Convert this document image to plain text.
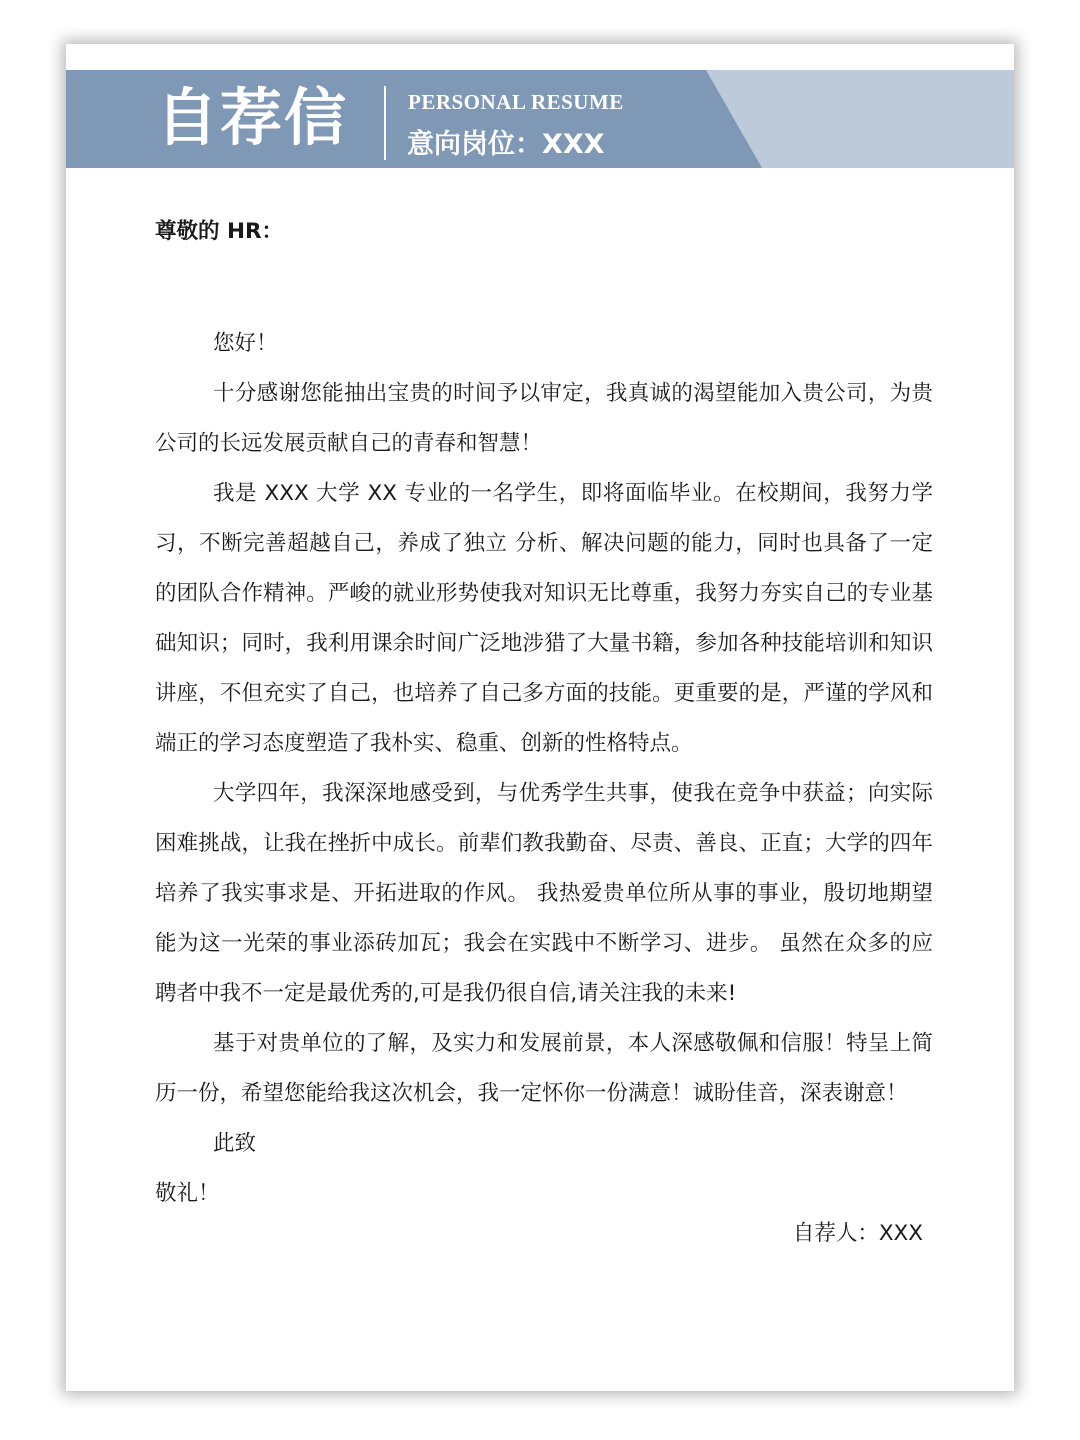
自荐信	PERSONAL RESUME
意向岗位：XXX
尊敬的 HR：

您好！

十分感谢您能抽出宝贵的时间予以审定，我真诚的渴望能加入贵公司，为贵公司的长远发展贡献自己的青春和智慧！

我是 XXX 大学 XX 专业的一名学生，即将面临毕业。在校期间，我努力学习，不断完善超越自己，养成了独立 分析、解决问题的能力，同时也具备了一定的团队合作精神。严峻的就业形势使我对知识无比尊重，我努力夯实自己的专业基础知识；同时，我利用课余时间广泛地涉猎了大量书籍，参加各种技能培训和知识讲座，不但充实了自己，也培养了自己多方面的技能。更重要的是，严谨的学风和端正的学习态度塑造了我朴实、稳重、创新的性格特点。

大学四年，我深深地感受到，与优秀学生共事，使我在竞争中获益；向实际困难挑战，让我在挫折中成长。前辈们教我勤奋、尽责、善良、正直；大学的四年培养了我实事求是、开拓进取的作风。 我热爱贵单位所从事的事业，殷切地期望能为这一光荣的事业添砖加瓦；我会在实践中不断学习、进步。 虽然在众多的应聘者中我不一定是最优秀的,可是我仍很自信,请关注我的未来!

基于对贵单位的了解，及实力和发展前景，本人深感敬佩和信服！特呈上简历一份，希望您能给我这次机会，我一定怀你一份满意！诚盼佳音，深表谢意！

此致

敬礼！

自荐人：XXX
